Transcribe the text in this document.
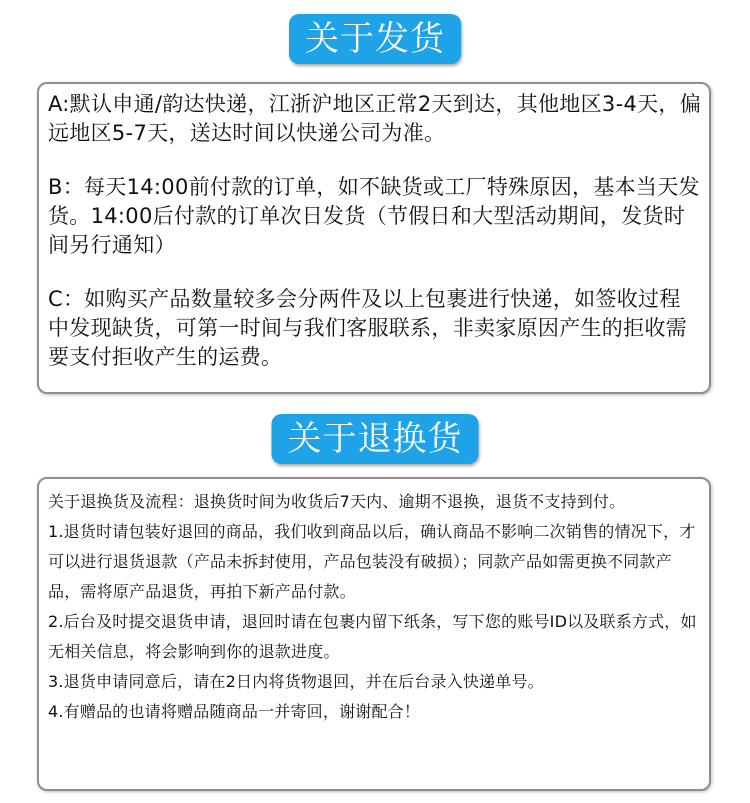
关于发货

A:默认申通/韵达快递，江浙沪地区正常2天到达，其他地区3-4天，偏远地区5-7天，送达时间以快递公司为准。

B：每天14:00前付款的订单，如不缺货或工厂特殊原因，基本当天发货。14:00后付款的订单次日发货（节假日和大型活动期间，发货时间另行通知）

C：如购买产品数量较多会分两件及以上包裹进行快递，如签收过程中发现缺货，可第一时间与我们客服联系，非卖家原因产生的拒收需要支付拒收产生的运费。

关于退换货

关于退换货及流程：退换货时间为收货后7天内、逾期不退换，退货不支持到付。

1.退货时请包装好退回的商品，我们收到商品以后，确认商品不影响二次销售的情况下，才可以进行退货退款（产品未拆封使用，产品包装没有破损）；同款产品如需更换不同款产品，需将原产品退货，再拍下新产品付款。

2.后台及时提交退货申请，退回时请在包裹内留下纸条，写下您的账号ID以及联系方式，如无相关信息，将会影响到你的退款进度。

3.退货申请同意后，请在2日内将货物退回，并在后台录入快递单号。

4.有赠品的也请将赠品随商品一并寄回，谢谢配合！
